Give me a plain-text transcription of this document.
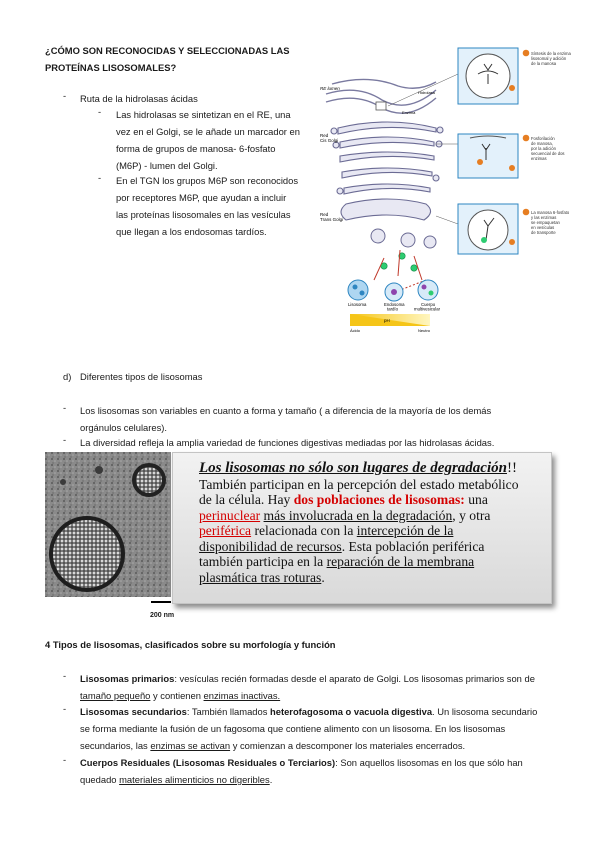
¿CÓMO SON RECONOCIDAS Y SELECCIONADAS LAS
PROTEÍNAS LISOSOMALES?
- Ruta de la hidrolasas ácidas
- Las hidrolasas se sintetizan en el RE, una
vez en el Golgi, se le añade un marcador en
forma de grupos de manosa- 6-fosfato
(M6P) - lumen del Golgi.
- En el TGN los grupos M6P son reconocidos
por receptores M6P, que ayudan a incluir
las proteínas lisosomales en las vesículas
que llegan a los endosomas tardíos.
RE lumen
Red Cis Golgi
Red Trans Golgi
Lisosoma	Endosoma tardío
Cuerpo multivesicular
pH
Ácido	Neutro
Hidrolasa
Enzima
Síntesis de la enzima lisosomal y adición de la manosa
Fosforilación de manosa, por la adición secuencial de dos enzimas
La manosa 6-fosfato y las enzimas se empaquetan en vesículas de transporte
d) Diferentes tipos de lisosomas
- Los lisosomas son variables en cuanto a forma y tamaño ( a diferencia de la mayoría de los demás
orgánulos celulares).
- La diversidad refleja la amplia variedad de funciones digestivas mediadas por las hidrolasas ácidas.
200 nm

Los lisosomas no sólo son lugares de degradación!!

También participan en la percepción del estado metabólico

de la célula. Hay dos poblaciones de lisosomas: una

perinuclear más involucrada en la degradación, y otra

periférica relacionada con la intercepción de la

disponibilidad de recursos. Esta población periférica

también participa en la reparación de la membrana

plasmática tras roturas.

4 Tipos de lisosomas, clasificados sobre su morfología y función
- Lisosomas primarios: vesículas recién formadas desde el aparato de Golgi. Los lisosomas primarios son de
tamaño pequeño y contienen enzimas inactivas.
- Lisosomas secundarios: También llamados heterofagosoma o vacuola digestiva. Un lisosoma secundario
se forma mediante la fusión de un fagosoma que contiene alimento con un lisosoma. En los lisosomas
secundarios, las enzimas se activan y comienzan a descomponer los materiales encerrados.
- Cuerpos Residuales (Lisosomas Residuales o Terciarios): Son aquellos lisosomas en los que sólo han
quedado materiales alimenticios no digeribles.
